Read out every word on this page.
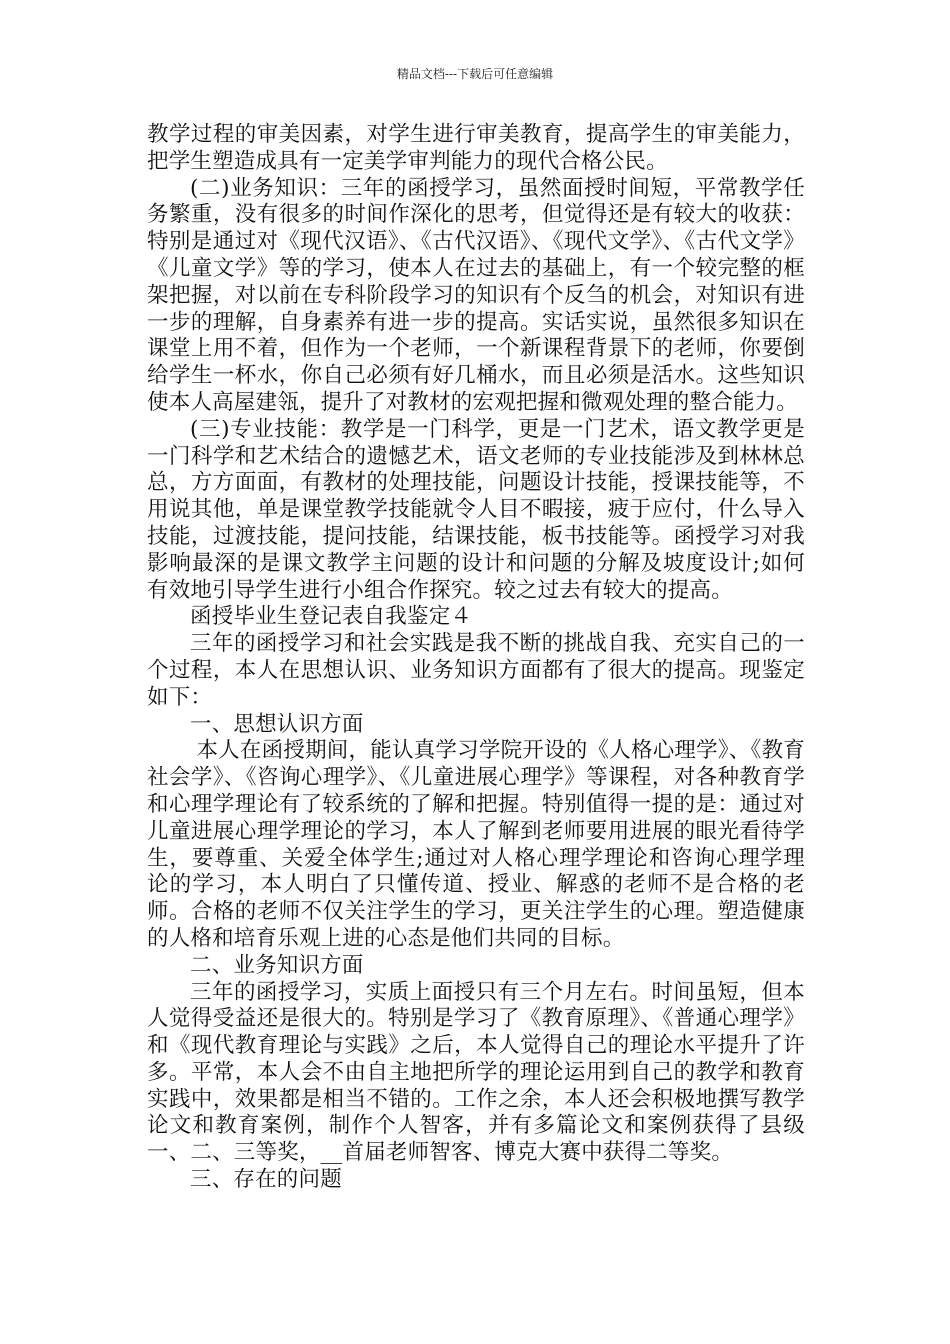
精品文档---下载后可任意编辑

教学过程的审美因素，对学生进行审美教育，提高学生的审美能力，把学生塑造成具有一定美学审判能力的现代合格公民。

(二)业务知识：三年的函授学习，虽然面授时间短，平常教学任务繁重，没有很多的时间作深化的思考，但觉得还是有较大的收获：特别是通过对《现代汉语》、《古代汉语》、《现代文学》、《古代文学》《儿童文学》等的学习，使本人在过去的基础上，有一个较完整的框架把握，对以前在专科阶段学习的知识有个反刍的机会，对知识有进一步的理解，自身素养有进一步的提高。实话实说，虽然很多知识在课堂上用不着，但作为一个老师，一个新课程背景下的老师，你要倒给学生一杯水，你自己必须有好几桶水，而且必须是活水。这些知识使本人高屋建瓴，提升了对教材的宏观把握和微观处理的整合能力。

(三)专业技能：教学是一门科学，更是一门艺术，语文教学更是一门科学和艺术结合的遗憾艺术，语文老师的专业技能涉及到林林总总，方方面面，有教材的处理技能，问题设计技能，授课技能等，不用说其他，单是课堂教学技能就令人目不暇接，疲于应付，什么导入技能，过渡技能，提问技能，结课技能，板书技能等。函授学习对我影响最深的是课文教学主问题的设计和问题的分解及坡度设计;如何有效地引导学生进行小组合作探究。较之过去有较大的提高。

函授毕业生登记表自我鉴定４

三年的函授学习和社会实践是我不断的挑战自我、充实自己的一个过程，本人在思想认识、业务知识方面都有了很大的提高。现鉴定如下：

一、思想认识方面

本人在函授期间，能认真学习学院开设的《人格心理学》、《教育社会学》、《咨询心理学》、《儿童进展心理学》等课程，对各种教育学和心理学理论有了较系统的了解和把握。特别值得一提的是：通过对儿童进展心理学理论的学习，本人了解到老师要用进展的眼光看待学生，要尊重、关爱全体学生;通过对人格心理学理论和咨询心理学理论的学习，本人明白了只懂传道、授业、解惑的老师不是合格的老师。合格的老师不仅关注学生的学习，更关注学生的心理。塑造健康的人格和培育乐观上进的心态是他们共同的目标。

二、业务知识方面

三年的函授学习，实质上面授只有三个月左右。时间虽短，但本人觉得受益还是很大的。特别是学习了《教育原理》、《普通心理学》和《现代教育理论与实践》之后，本人觉得自己的理论水平提升了许多。平常，本人会不由自主地把所学的理论运用到自己的教学和教育实践中，效果都是相当不错的。工作之余，本人还会积极地撰写教学论文和教育案例，制作个人智客，并有多篇论文和案例获得了县级一、二、三等奖，__首届老师智客、博克大赛中获得二等奖。

三、存在的问题
